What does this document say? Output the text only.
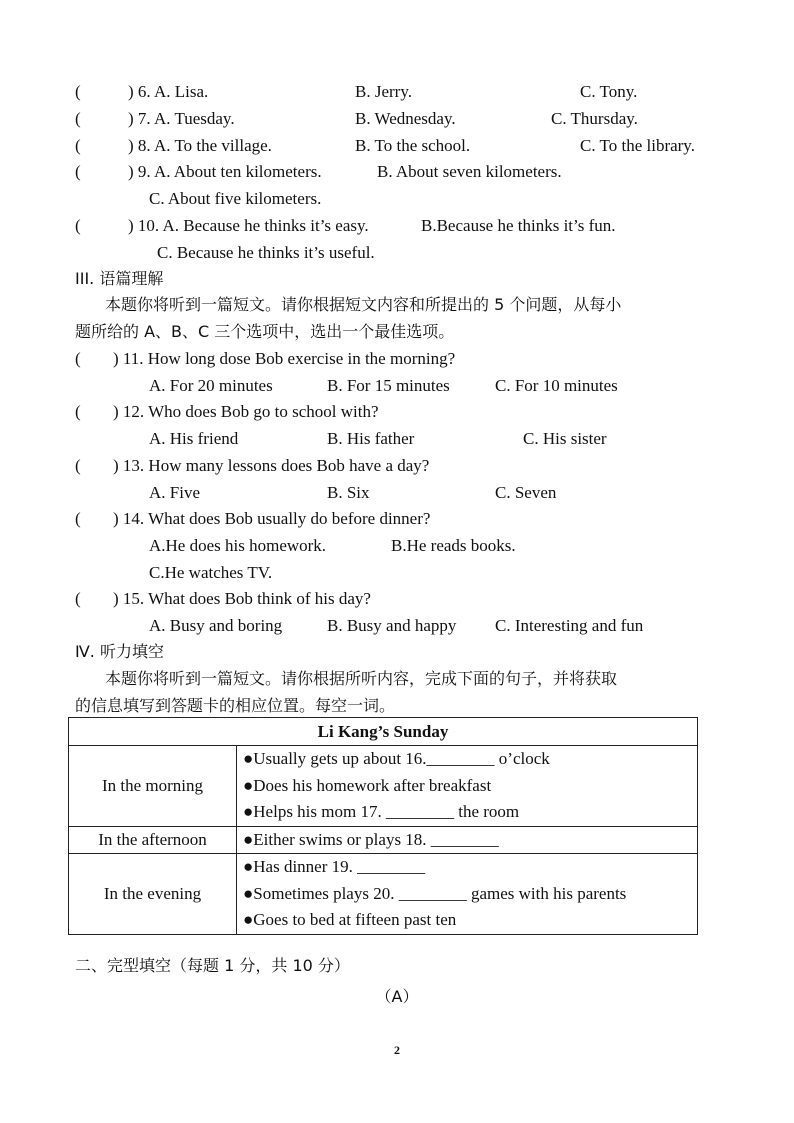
(	) 6. A. Lisa.	B. Jerry.	C. Tony.
(	) 7. A. Tuesday.	B. Wednesday.	C. Thursday.
(	) 8. A. To the village.	B. To the school.	C. To the library.
(	) 9. A. About ten kilometers.	B. About seven kilometers.
C. About five kilometers.
(	) 10. A. Because he thinks it’s easy.	B.Because he thinks it’s fun.
C. Because he thinks it’s useful.
III. 语篇理解
本题你将听到一篇短文。请你根据短文内容和所提出的 5 个问题，从每小
题所给的 A、B、C 三个选项中，选出一个最佳选项。
( ) 11. How long dose Bob exercise in the morning?
A. For 20 minutes	B. For 15 minutes	C. For 10 minutes
( ) 12. Who does Bob go to school with?
A. His friend	B. His father	C. His sister
( ) 13. How many lessons does Bob have a day?
A. Five	B. Six	C. Seven
( ) 14. What does Bob usually do before dinner?
A.He does his homework.	B.He reads books.
C.He watches TV.
( ) 15. What does Bob think of his day?
A. Busy and boring	B. Busy and happy C. Interesting and fun
Ⅳ. 听力填空
本题你将听到一篇短文。请你根据所听内容，完成下面的句子，并将获取
的信息填写到答题卡的相应位置。每空一词。
Li Kang’s Sunday	
In the morning	●Usually gets up about 16.________ o’clock
●Does his homework after breakfast
●Helps his mom 17. ________ the room

In the afternoon	●Either swims or plays 18. ________

In the evening	●Has dinner 19. ________
●Sometimes plays 20. ________ games with his parents
●Goes to bed at fifteen past ten
二、完型填空（每题 1 分，共 10 分）
（A）
2
